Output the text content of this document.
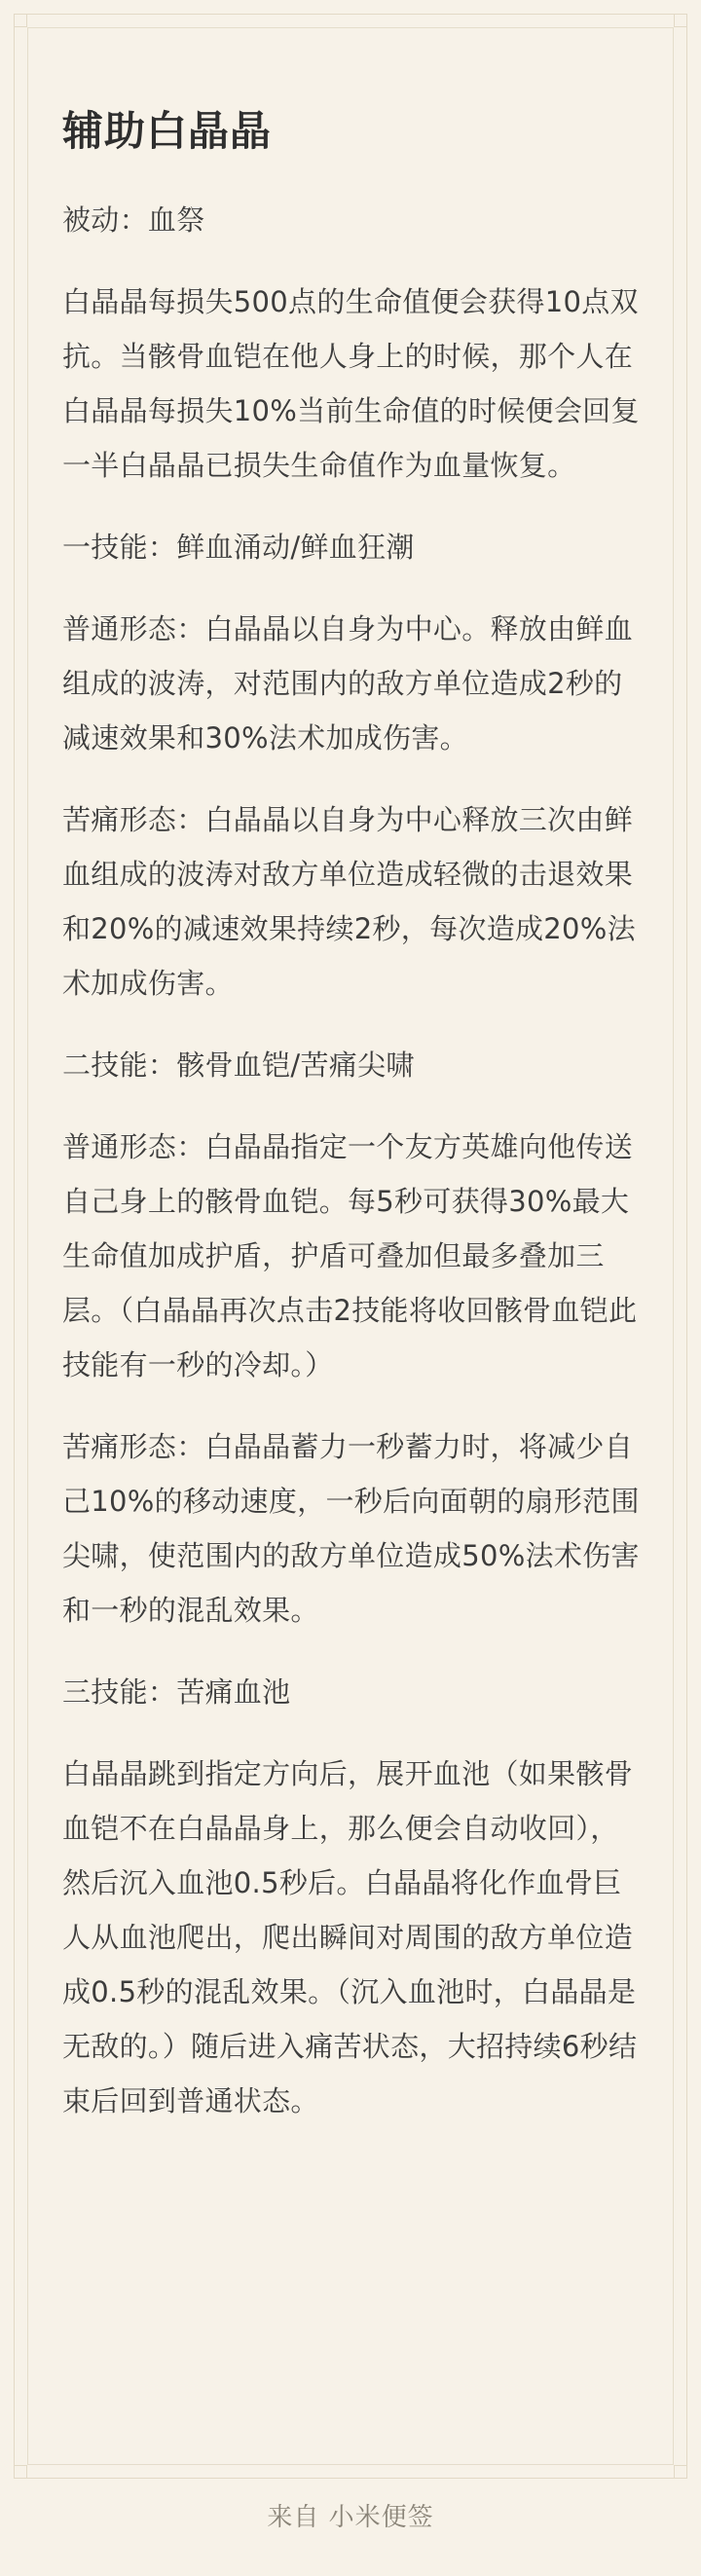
辅助白晶晶
被动：血祭
白晶晶每损失500点的生命值便会获得10点双抗。当骸骨血铠在他人身上的时候，那个人在白晶晶每损失10%当前生命值的时候便会回复一半白晶晶已损失生命值作为血量恢复。
一技能：鲜血涌动/鲜血狂潮
普通形态：白晶晶以自身为中心。释放由鲜血组成的波涛，对范围内的敌方单位造成2秒的减速效果和30%法术加成伤害。
苦痛形态：白晶晶以自身为中心释放三次由鲜血组成的波涛对敌方单位造成轻微的击退效果和20%的减速效果持续2秒，每次造成20%法术加成伤害。
二技能：骸骨血铠/苦痛尖啸
普通形态：白晶晶指定一个友方英雄向他传送自己身上的骸骨血铠。每5秒可获得30%最大生命值加成护盾，护盾可叠加但最多叠加三层。（白晶晶再次点击2技能将收回骸骨血铠此技能有一秒的冷却。）
苦痛形态：白晶晶蓄力一秒蓄力时，将减少自己10%的移动速度，一秒后向面朝的扇形范围尖啸，使范围内的敌方单位造成50%法术伤害和一秒的混乱效果。
三技能：苦痛血池
白晶晶跳到指定方向后，展开血池（如果骸骨血铠不在白晶晶身上，那么便会自动收回），然后沉入血池0.5秒后。白晶晶将化作血骨巨人从血池爬出，爬出瞬间对周围的敌方单位造成0.5秒的混乱效果。（沉入血池时，白晶晶是无敌的。）随后进入痛苦状态，大招持续6秒结束后回到普通状态。
来自 小米便签
